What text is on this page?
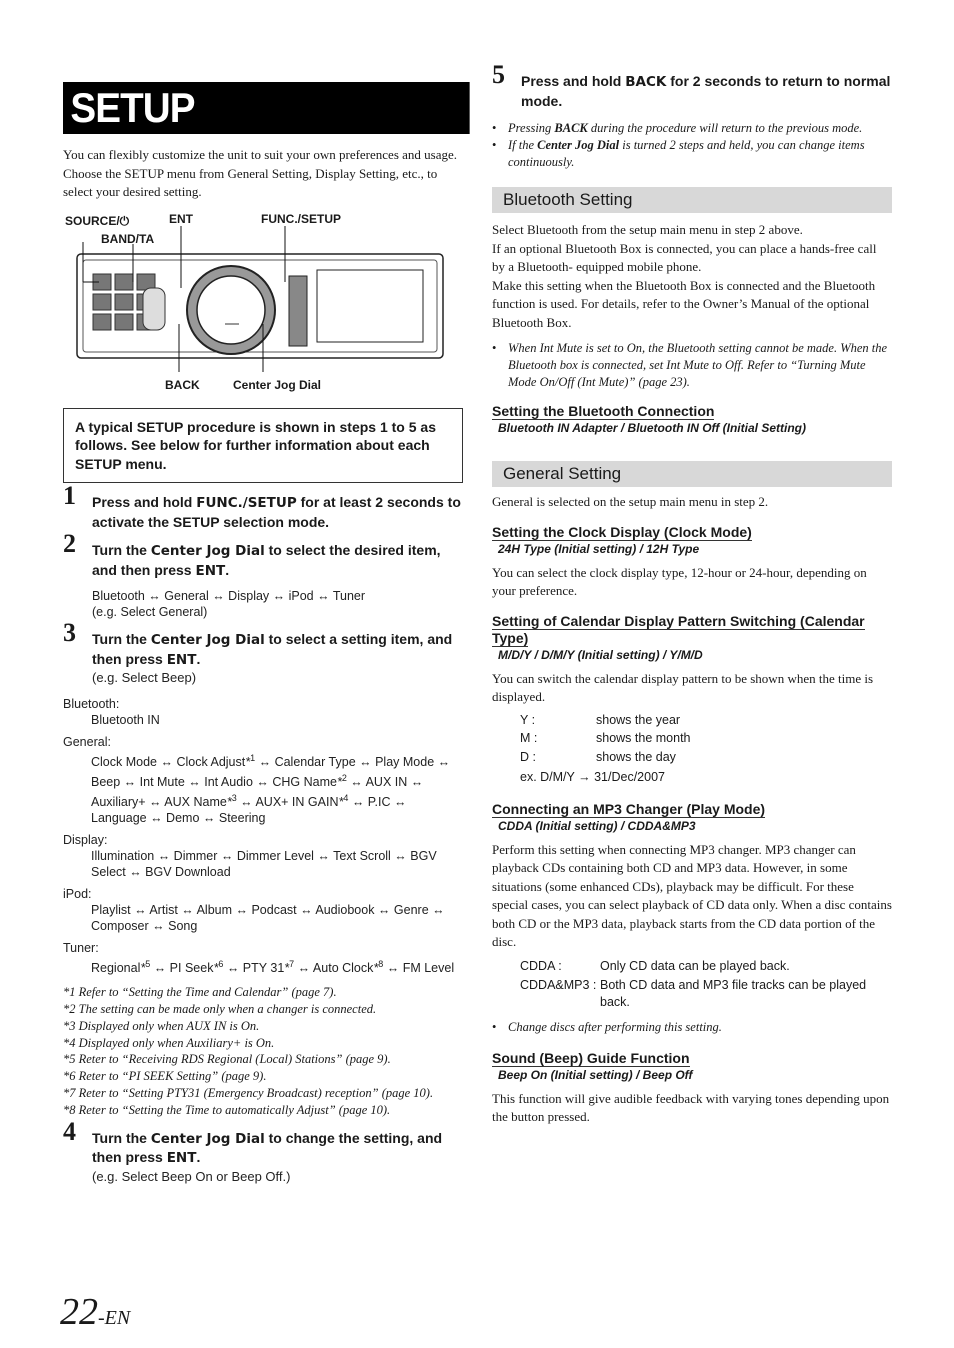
SETUP
You can flexibly customize the unit to suit your own preferences and usage. Choose the SETUP menu from General Setting, Display Setting, etc., to select your desired setting.
SOURCE/⏻	ENT	FUNC./SETUP
BAND/TA
BACK	Center Jog Dial
A typical SETUP procedure is shown in steps 1 to 5 as follows. See below for further information about each SETUP menu.
1 Press and hold FUNC./SETUP for at least 2 seconds to activate the SETUP selection mode.
2 Turn the Center Jog Dial to select the desired item, and then press ENT.
Bluetooth ↔ General ↔ Display ↔ iPod ↔ Tuner
(e.g. Select General)
3 Turn the Center Jog Dial to select a setting item, and then press ENT.
(e.g. Select Beep)
Bluetooth:
Bluetooth IN
General:
Clock Mode ↔ Clock Adjust*$^1$ ↔ Calendar Type ↔ Play Mode ↔ Beep ↔ Int Mute ↔ Int Audio ↔ CHG Name*$^2$ ↔ AUX IN ↔ Auxiliary+ ↔ AUX Name*$^3$ ↔ AUX+ IN GAIN*$^4$ ↔ P.IC ↔ Language ↔ Demo ↔ Steering
Display:
Illumination ↔ Dimmer ↔ Dimmer Level ↔ Text Scroll ↔ BGV Select ↔ BGV Download
iPod:
Playlist ↔ Artist ↔ Album ↔ Podcast ↔ Audiobook ↔ Genre ↔ Composer ↔ Song
Tuner:
Regional*$^5$ ↔ PI Seek*$^6$ ↔ PTY 31*$^7$ ↔ Auto Clock*$^8$ ↔ FM Level
*1 Refer to “Setting the Time and Calendar” (page 7).
*2 The setting can be made only when a changer is connected.
*3 Displayed only when AUX IN is On.
*4 Displayed only when Auxiliary+ is On.
*5 Reter to “Receiving RDS Regional (Local) Stations” (page 9).
*6 Reter to “PI SEEK Setting” (page 9).
*7 Reter to “Setting PTY31 (Emergency Broadcast) reception” (page 10).
*8 Reter to “Setting the Time to automatically Adjust” (page 10).
4 Turn the Center Jog Dial to change the setting, and then press ENT.
(e.g. Select Beep On or Beep Off.)
5 Press and hold BACK for 2 seconds to return to normal mode.
• Pressing BACK during the procedure will return to the previous mode.
• If the Center Jog Dial is turned 2 steps and held, you can change items continuously.
Bluetooth Setting
Select Bluetooth from the setup main menu in step 2 above.
If an optional Bluetooth Box is connected, you can place a hands-free call by a Bluetooth- equipped mobile phone.
Make this setting when the Bluetooth Box is connected and the Bluetooth function is used. For details, refer to the Owner’s Manual of the optional Bluetooth Box.
• When Int Mute is set to On, the Bluetooth setting cannot be made. When the Bluetooth box is connected, set Int Mute to Off. Refer to “Turning Mute Mode On/Off (Int Mute)” (page 23).
Setting the Bluetooth Connection
Bluetooth IN Adapter / Bluetooth IN Off (Initial Setting)
General Setting
General is selected on the setup main menu in step 2.
Setting the Clock Display (Clock Mode)
24H Type (Initial setting) / 12H Type
You can select the clock display type, 12-hour or 24-hour, depending on your preference.
Setting of Calendar Display Pattern Switching (Calendar Type)
M/D/Y / D/M/Y (Initial setting) / Y/M/D
You can switch the calendar display pattern to be shown when the time is displayed.
Y :	shows the year
M :	shows the month
D :	shows the day
ex. D/M/Y → 31/Dec/2007
Connecting an MP3 Changer (Play Mode)
CDDA (Initial setting) / CDDA&MP3
Perform this setting when connecting MP3 changer. MP3 changer can playback CDs containing both CD and MP3 data. However, in some situations (some enhanced CDs), playback may be difficult. For these special cases, you can select playback of CD data only. When a disc contains both CD or the MP3 data, playback starts from the CD data portion of the disc.
CDDA :	Only CD data can be played back.
CDDA&MP3 : Both CD data and MP3 file tracks can be played back.
• Change discs after performing this setting.
Sound (Beep) Guide Function
Beep On (Initial setting) / Beep Off
This function will give audible feedback with varying tones depending upon the button pressed.
22-EN
